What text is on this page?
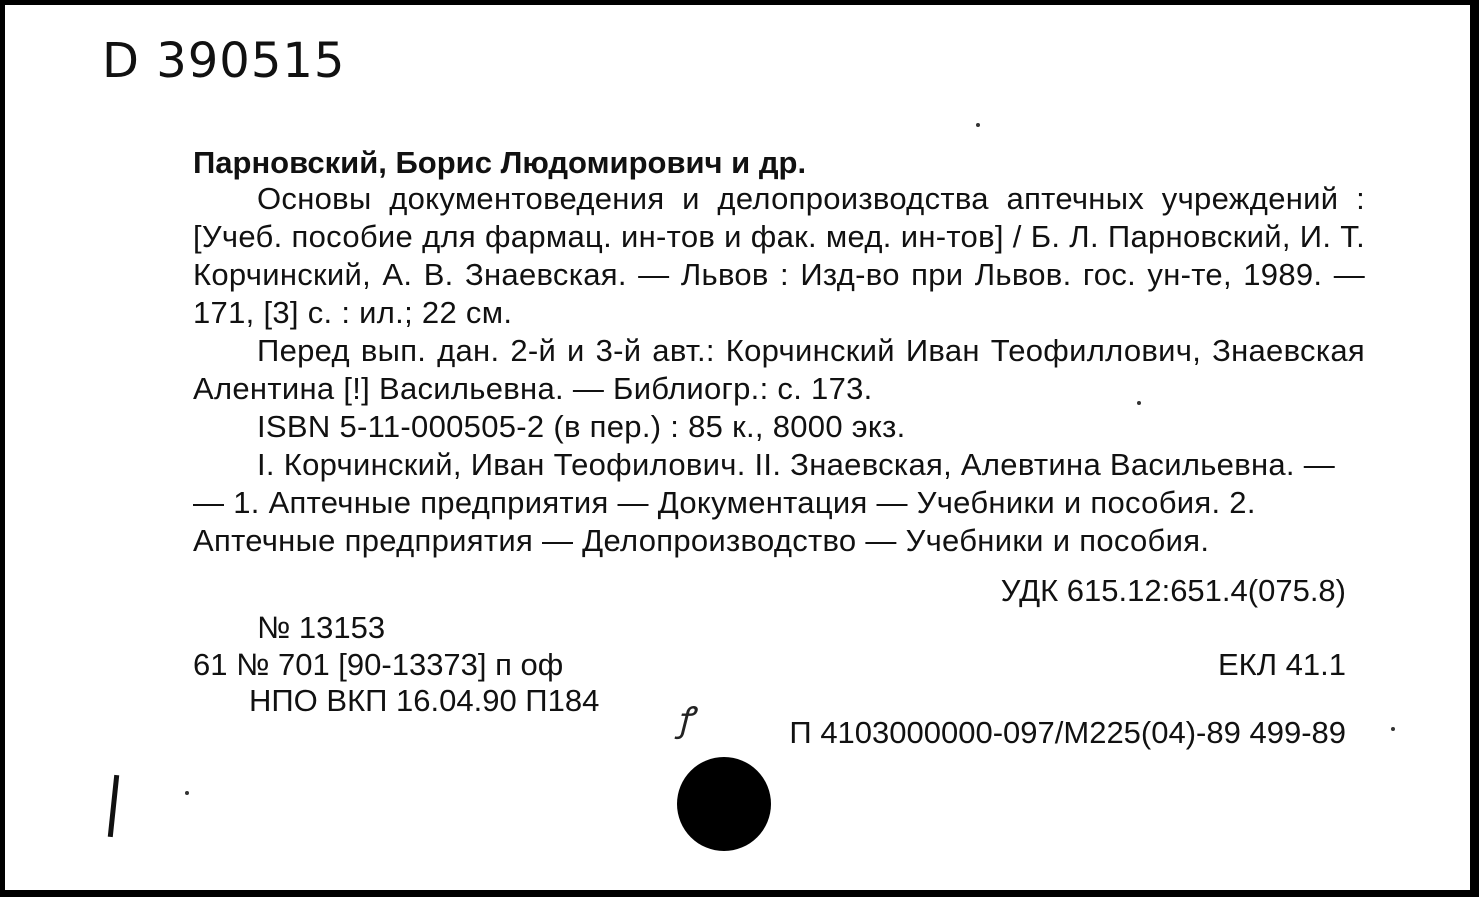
D 390515
Парновский, Борис Людомирович и др.

Основы документоведения и делопроизводства аптечных учреждений : [Учеб. пособие для фармац. ин-тов и фак. мед. ин-тов] / Б. Л. Парновский, И. Т. Корчинский, А. В. Знаевская. — Львов : Изд-во при Львов. гос. ун-те, 1989. — 171, [3] с. : ил.; 22 см.

Перед вып. дан. 2-й и 3-й авт.: Корчинский Иван Теофиллович, Знаевская Алентина [!] Васильевна. — Библиогр.: с. 173.

ISBN 5-11-000505-2 (в пер.) : 85 к., 8000 экз.

I. Корчинский, Иван Теофилович. II. Знаевская, Алевтина Васильевна. — — 1. Аптечные предприятия — Документация — Учебники и пособия. 2. Аптечные предприятия — Делопроизводство — Учебники и пособия.

УДК 615.12:651.4(075.8)
№ 13153
61 № 701 [90-13373] п оф	ЕКЛ 41.1
НПО ВКП 16.04.90 П184 ꝭ	П 4103000000-097/М225(04)-89 499-89
